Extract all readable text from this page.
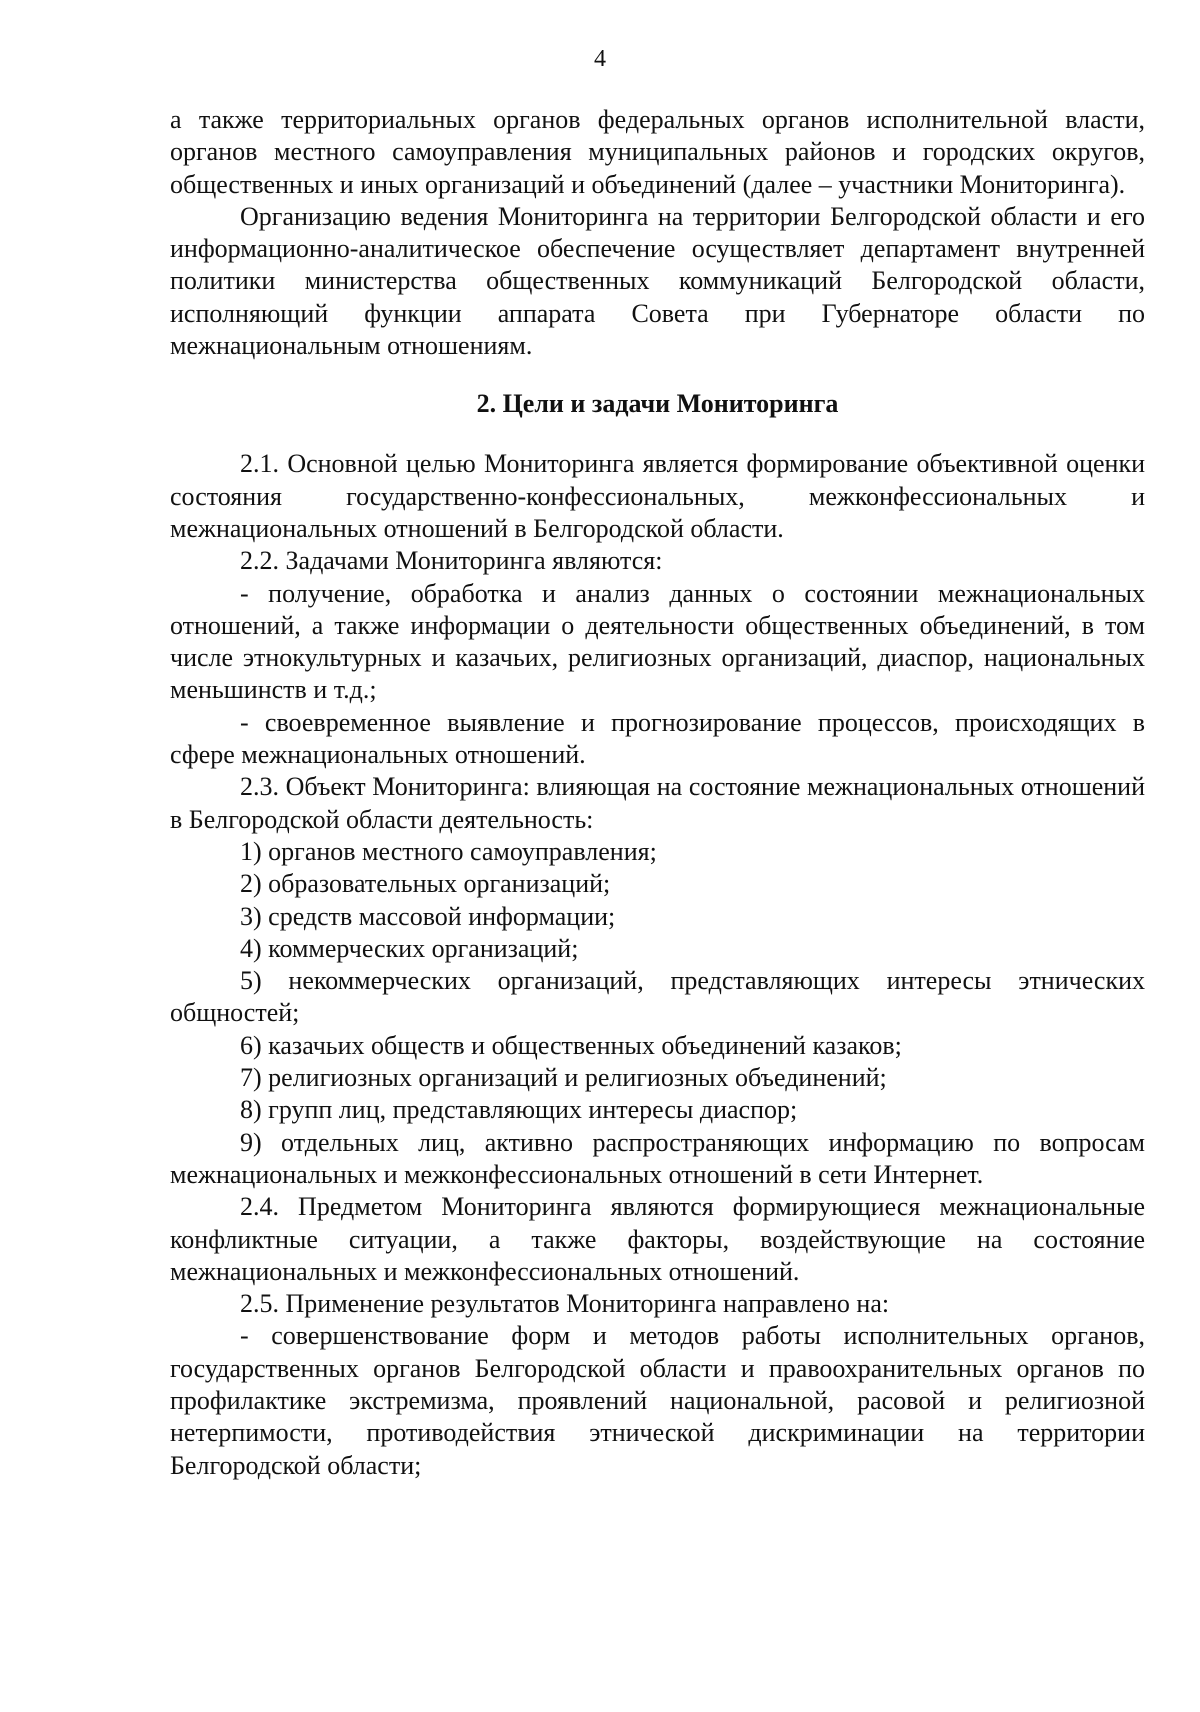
4

а также территориальных органов федеральных органов исполнительной власти, органов местного самоуправления муниципальных районов и городских округов, общественных и иных организаций и объединений (далее – участники Мониторинга).

Организацию ведения Мониторинга на территории Белгородской области и его информационно-аналитическое обеспечение осуществляет департамент внутренней политики министерства общественных коммуникаций Белгородской области, исполняющий функции аппарата Совета при Губернаторе области по межнациональным отношениям.

2. Цели и задачи Мониторинга

2.1. Основной целью Мониторинга является формирование объективной оценки состояния государственно-конфессиональных, межконфессиональных и межнациональных отношений в Белгородской области.

2.2. Задачами Мониторинга являются:

- получение, обработка и анализ данных о состоянии межнациональных отношений, а также информации о деятельности общественных объединений, в том числе этнокультурных и казачьих, религиозных организаций, диаспор, национальных меньшинств и т.д.;

- своевременное выявление и прогнозирование процессов, происходящих в сфере межнациональных отношений.

2.3. Объект Мониторинга: влияющая на состояние межнациональных отношений в Белгородской области деятельность:

1) органов местного самоуправления;

2) образовательных организаций;

3) средств массовой информации;

4) коммерческих организаций;

5) некоммерческих организаций, представляющих интересы этнических общностей;

6) казачьих обществ и общественных объединений казаков;

7) религиозных организаций и религиозных объединений;

8) групп лиц, представляющих интересы диаспор;

9) отдельных лиц, активно распространяющих информацию по вопросам межнациональных и межконфессиональных отношений в сети Интернет.

2.4. Предметом Мониторинга являются формирующиеся межнациональные конфликтные ситуации, а также факторы, воздействующие на состояние межнациональных и межконфессиональных отношений.

2.5. Применение результатов Мониторинга направлено на:

- совершенствование форм и методов работы исполнительных органов, государственных органов Белгородской области и правоохранительных органов по профилактике экстремизма, проявлений национальной, расовой и религиозной нетерпимости, противодействия этнической дискриминации на территории Белгородской области;
